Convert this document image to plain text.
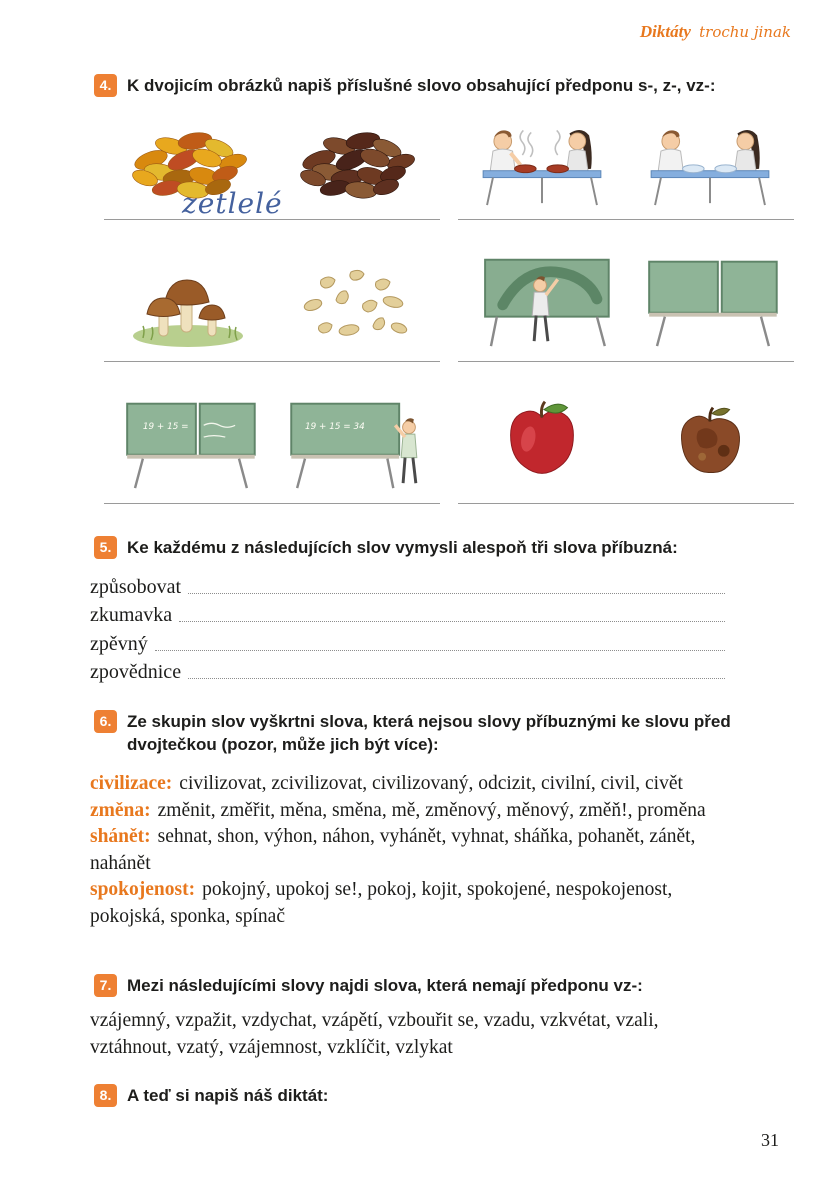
Diktáty trochu jinak
4. K dvojicím obrázků napiš příslušné slovo obsahující předponu s-, z-, vz-:
zetlelé
19 + 15 =	19 + 15 = 34
5. Ke každému z následujících slov vymysli alespoň tři slova příbuzná:
způsobovat
zkumavka
zpěvný
zpovědnice
6. Ze skupin slov vyškrtni slova, která nejsou slovy příbuznými ke slovu před dvojtečkou (pozor, může jich být více):

civilizace: civilizovat, zcivilizovat, civilizovaný, odcizit, civilní, civil, civět

změna: změnit, změřit, měna, směna, mě, změnový, měnový, změň!, proměna

shánět: sehnat, shon, výhon, náhon, vyhánět, vyhnat, sháňka, pohanět, zánět, nahánět

spokojenost: pokojný, upokoj se!, pokoj, kojit, spokojené, nespokojenost, pokojská, sponka, spínač

7. Mezi následujícími slovy najdi slova, která nemají předponu vz-:

vzájemný, vzpažit, vzdychat, vzápětí, vzbouřit se, vzadu, vzkvétat, vzali, vztáhnout, vzatý, vzájemnost, vzklíčit, vzlykat

8. A teď si napiš náš diktát:
31
